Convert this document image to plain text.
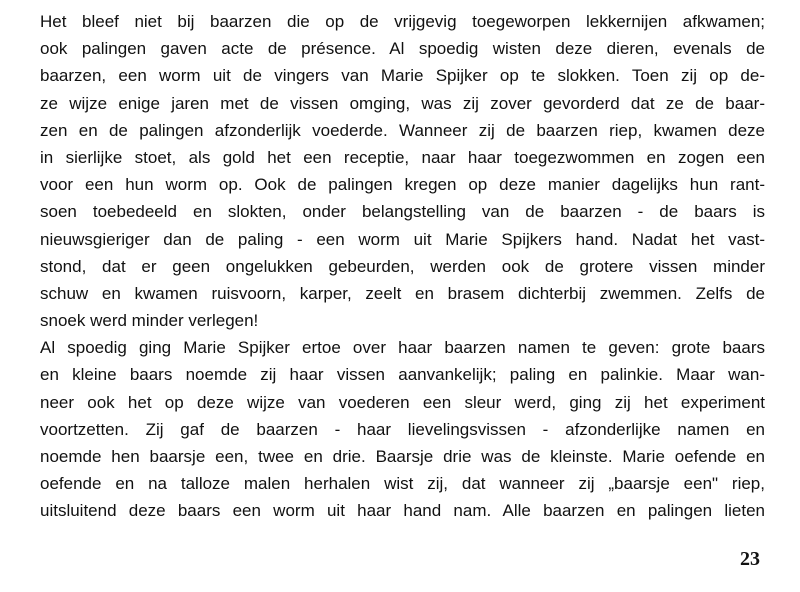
Het bleef niet bij baarzen die op de vrijgevig toegeworpen lekkernijen afkwamen;
ook palingen gaven acte de présence. Al spoedig wisten deze dieren, evenals de
baarzen, een worm uit de vingers van Marie Spijker op te slokken. Toen zij op de-
ze wijze enige jaren met de vissen omging, was zij zover gevorderd dat ze de baar-
zen en de palingen afzonderlijk voederde. Wanneer zij de baarzen riep, kwamen deze
in sierlijke stoet, als gold het een receptie, naar haar toegezwommen en zogen een
voor een hun worm op. Ook de palingen kregen op deze manier dagelijks hun rant-
soen toebedeeld en slokten, onder belangstelling van de baarzen - de baars is
nieuwsgieriger dan de paling - een worm uit Marie Spijkers hand. Nadat het vast-
stond, dat er geen ongelukken gebeurden, werden ook de grotere vissen minder
schuw en kwamen ruisvoorn, karper, zeelt en brasem dichterbij zwemmen. Zelfs de
snoek werd minder verlegen!
Al spoedig ging Marie Spijker ertoe over haar baarzen namen te geven: grote baars
en kleine baars noemde zij haar vissen aanvankelijk; paling en palinkie. Maar wan-
neer ook het op deze wijze van voederen een sleur werd, ging zij het experiment
voortzetten. Zij gaf de baarzen - haar lievelingsvissen - afzonderlijke namen en
noemde hen baarsje een, twee en drie. Baarsje drie was de kleinste. Marie oefende en
oefende en na talloze malen herhalen wist zij, dat wanneer zij „baarsje een" riep,
uitsluitend deze baars een worm uit haar hand nam. Alle baarzen en palingen lieten
23
